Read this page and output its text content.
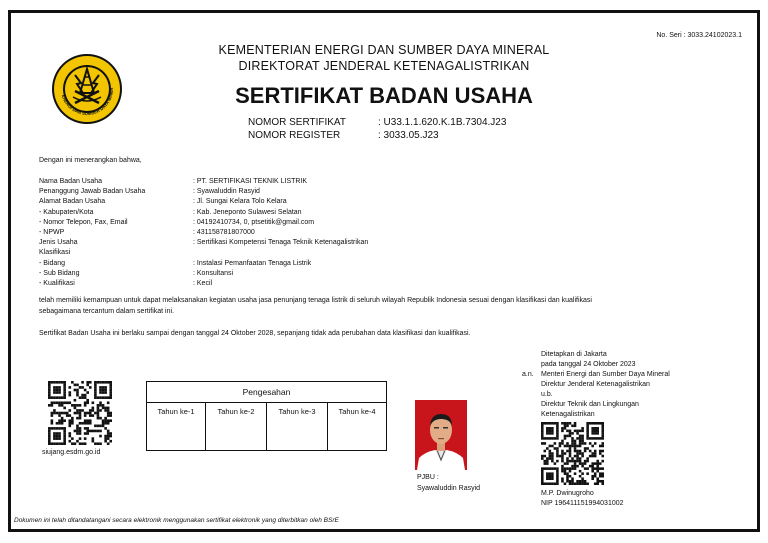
No. Seri : 3033.24102023.1
ENERGI DAN SUMBER DAYA MINER
KEMENTERIAN ENERGI DAN SUMBER DAYA MINERAL
DIREKTORAT JENDERAL KETENAGALISTRIKAN
SERTIFIKAT BADAN USAHA
NOMOR SERTIFIKAT	: U33.1.1.620.K.1B.7304.J23
NOMOR REGISTER	: 3033.05.J23
Dengan ini menerangkan bahwa,
Nama Badan Usaha	: PT. SERTIFIKASI TEKNIK LISTRIK
Penanggung Jawab Badan Usaha	: Syawaluddin Rasyid
Alamat Badan Usaha	: Jl. Sungai Kelara Tolo Kelara
- Kabupaten/Kota	: Kab. Jeneponto Sulawesi Selatan
- Nomor Telepon, Fax, Email	: 04192410734, 0, ptsetitik@gmail.com
- NPWP	: 431158781807000
Jenis Usaha	: Sertifikasi Kompetensi Tenaga Teknik Ketenagalistrikan
Klasifikasi
- Bidang	: Instalasi Pemanfaatan Tenaga Listrik
- Sub Bidang	: Konsultansi
- Kualifikasi	: Kecil
telah memiliki kemampuan untuk dapat melaksanakan kegiatan usaha jasa penunjang tenaga listrik di seluruh wilayah Republik Indonesia sesuai dengan klasifikasi dan kualifikasi
sebagaimana tercantum dalam sertifikat ini.
Sertifikat Badan Usaha ini berlaku sampai dengan tanggal 24 Oktober 2028, sepanjang tidak ada perubahan data klasifikasi dan kualifikasi.
siujang.esdm.go.id
Pengesahan
Tahun ke-1	Tahun ke-2	Tahun ke-3	Tahun ke-4
PJBU :
Syawaluddin Rasyid
Ditetapkan di Jakarta
pada tanggal 24 Oktober 2023
a.n. Menteri Energi dan Sumber Daya Mineral
Direktur Jenderal Ketenagalistrikan
u.b.
Direktur Teknik dan Lingkungan
Ketenagalistrikan
M.P. Dwinugroho
NIP 196411151994031002
Dokumen ini telah ditandatangani secara elektronik menggunakan sertifikat elektronik yang diterbitkan oleh BSrE
